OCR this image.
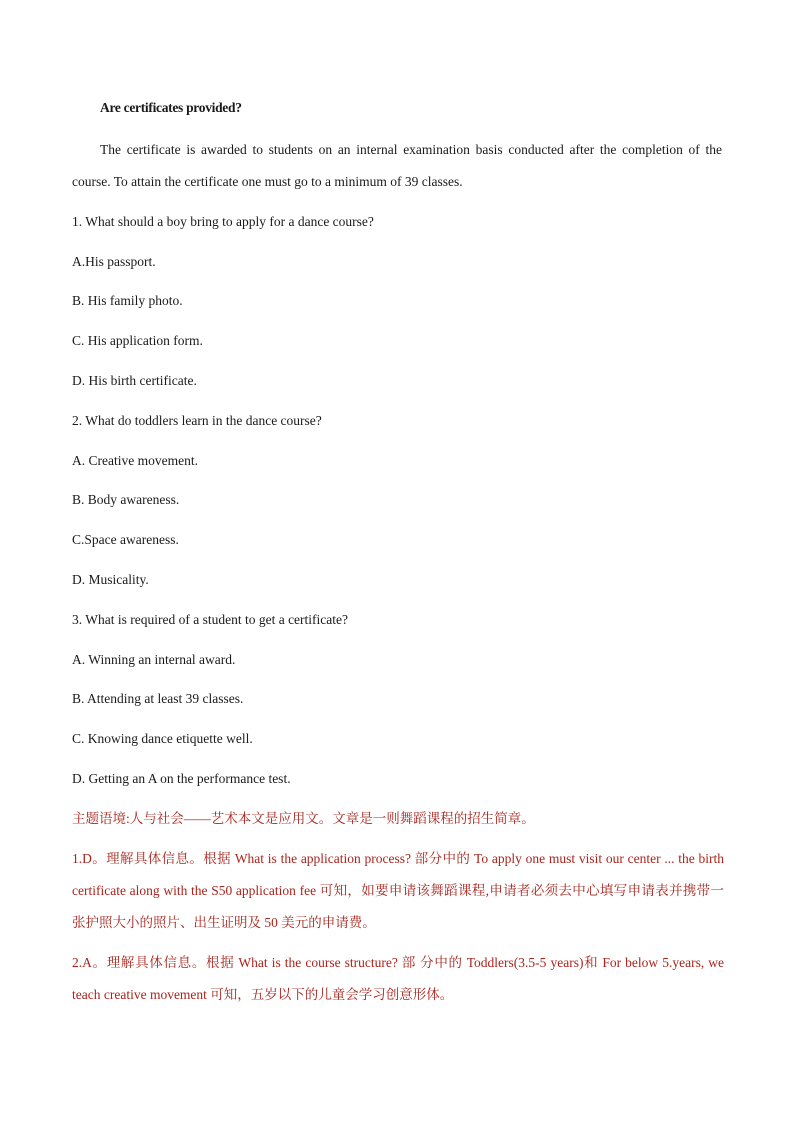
Are certificates provided?
The certificate is awarded to students on an internal examination basis conducted after the completion of the course. To attain the certificate one must go to a minimum of 39 classes.
1. What should a boy bring to apply for a dance course?
A.His passport.
B. His family photo.
C. His application form.
D. His birth certificate.
2. What do toddlers learn in the dance course?
A. Creative movement.
B. Body awareness.
C.Space awareness.
D. Musicality.
3. What is required of a student to get a certificate?
A. Winning an internal award.
B. Attending at least 39 classes.
C. Knowing dance etiquette well.
D. Getting an A on the performance test.
主题语境:人与社会——艺术本文是应用文。文章是一则舞蹈课程的招生简章。
1.D。理解具体信息。根据 What is the application process? 部分中的 To apply one must visit our center ... the birth certificate along with the S50 application fee 可知，如要申请该舞蹈课程,申请者必须去中心填写申请表并携带一张护照大小的照片、出生证明及 50 美元的申请费。
2.A。理解具体信息。根据 What is the course structure? 部 分中的 Toddlers(3.5-5 years)和 For below 5.years, we teach creative movement 可知，五岁以下的儿童会学习创意形体。
